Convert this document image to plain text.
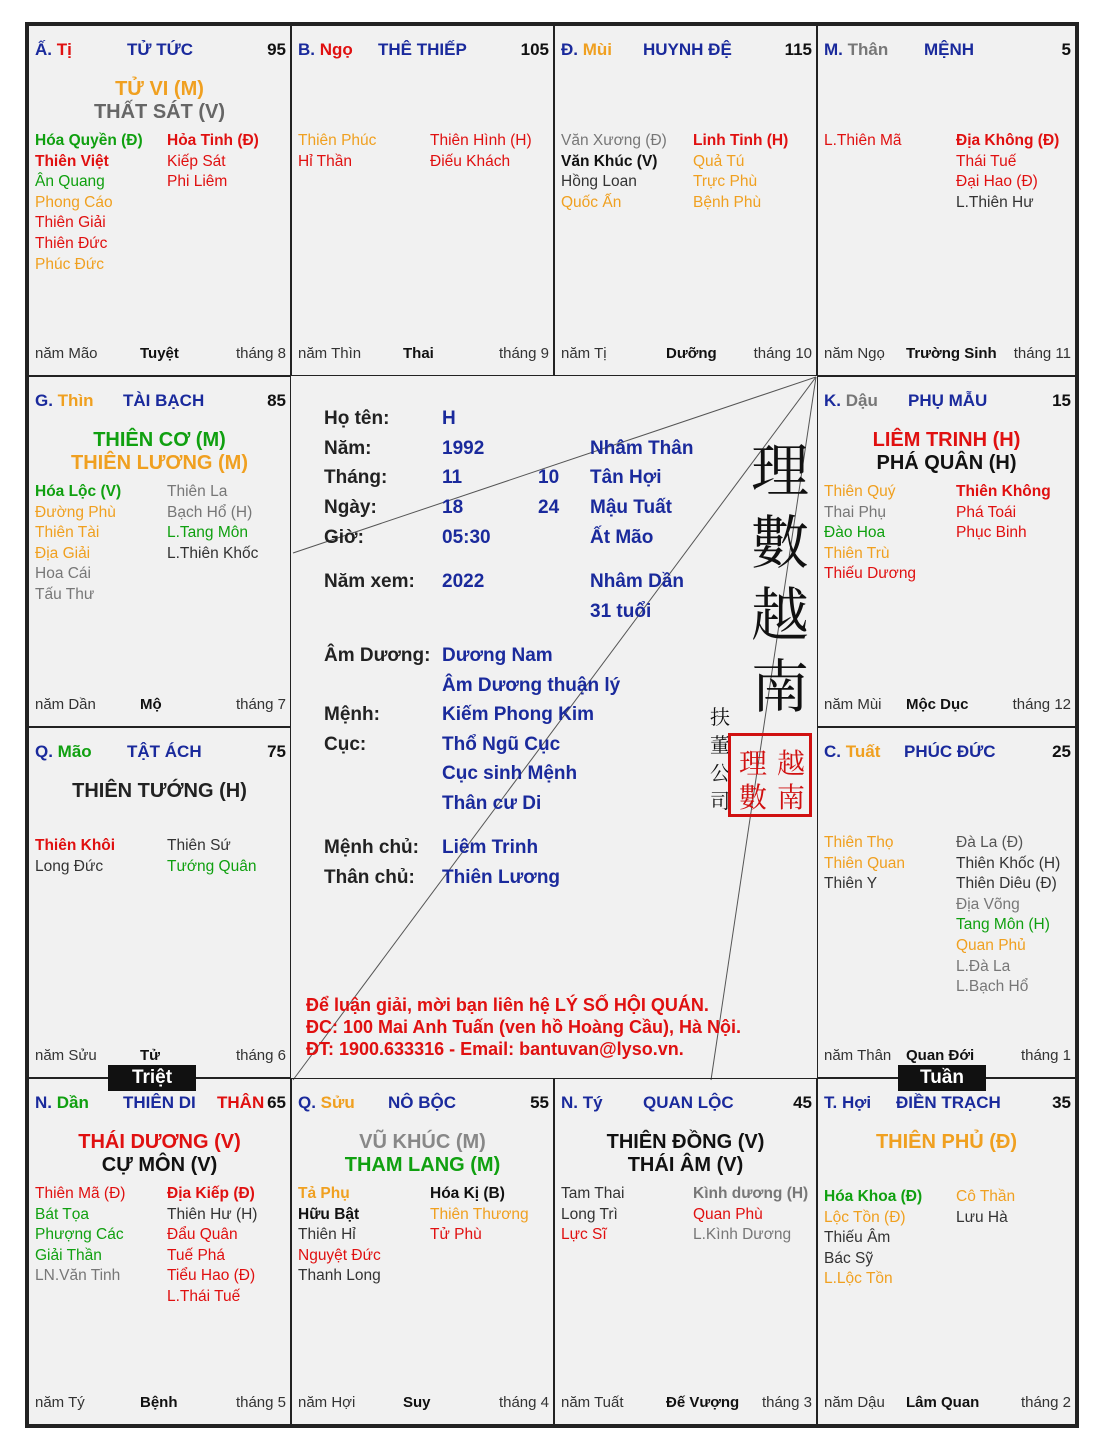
Ấ. Tị	TỬ TỨC	95
TỬ VI (M)
THẤT SÁT (V)
Hóa Quyền (Đ)
Thiên Việt
Ân Quang
Phong Cáo
Thiên Giải
Thiên Đức
Phúc Đức
Hỏa Tinh (Đ)
Kiếp Sát
Phi Liêm
năm Mão	Tuyệt	tháng 8
B. Ngọ THÊ THIẾP	105
Thiên Phúc
Hỉ Thần
Thiên Hình (H)
Điếu Khách
năm Thìn	Thai	tháng 9
Đ. Mùi HUYNH ĐỆ	115
Văn Xương (Đ)
Văn Khúc (V)
Hồng Loan
Quốc Ấn
Linh Tinh (H)
Quả Tú
Trực Phù
Bệnh Phù
năm Tị	Dưỡng tháng 10
M. Thân MỆNH	5
L.Thiên Mã	Địa Không (Đ)
Thái Tuế
Đại Hao (Đ)
L.Thiên Hư
năm Ngọ Trường Sinh tháng 11
G. Thìn TÀI BẠCH	85
THIÊN CƠ (M)
THIÊN LƯƠNG (M)
Hóa Lộc (V)
Đường Phù
Thiên Tài
Địa Giải
Hoa Cái
Tấu Thư
Thiên La
Bạch Hổ (H)
L.Tang Môn
L.Thiên Khốc
năm Dần	Mộ	tháng 7
K. Dậu PHỤ MẪU	15
LIÊM TRINH (H)
PHÁ QUÂN (H)
Thiên Quý
Thai Phụ
Đào Hoa
Thiên Trù
Thiếu Dương
Thiên Không
Phá Toái
Phục Binh
năm Mùi Mộc Dục	tháng 12
Q. Mão TẬT ÁCH	75
THIÊN TƯỚNG (H)
Thiên Khôi
Long Đức
Thiên Sứ
Tướng Quân
năm Sửu	Tử	tháng 6
C. Tuất PHÚC ĐỨC	25
Thiên Thọ
Thiên Quan
Thiên Y
Đà La (Đ)
Thiên Khốc (H)
Thiên Diêu (Đ)
Địa Võng
Tang Môn (H)
Quan Phủ
L.Đà La
L.Bạch Hổ
năm Thân Quan Đới	tháng 1
N. Dần THIÊN DI THÂN 65
THÁI DƯƠNG (V)
CỰ MÔN (V)
Thiên Mã (Đ)
Bát Tọa
Phượng Các
Giải Thần
LN.Văn Tinh
Địa Kiếp (Đ)
Thiên Hư (H)
Đẩu Quân
Tuế Phá
Tiểu Hao (Đ)
L.Thái Tuế
năm Tý	Bệnh	tháng 5
Q. Sửu NÔ BỘC	55
VŨ KHÚC (M)
THAM LANG (M)
Tả Phụ
Hữu Bật
Thiên Hỉ
Nguyệt Đức
Thanh Long
Hóa Kị (B)
Thiên Thương
Tử Phù
năm Hợi	Suy	tháng 4
N. Tý QUAN LỘC	45
THIÊN ĐỒNG (V)
THÁI ÂM (V)
Tam Thai
Long Trì
Lực Sĩ
Kình dương (H)
Quan Phù
L.Kình Dương
năm Tuất	Đế Vượng tháng 3
T. Hợi ĐIỀN TRẠCH	35
THIÊN PHỦ (Đ)
Hóa Khoa (Đ)
Lộc Tồn (Đ)
Thiếu Âm
Bác Sỹ
L.Lộc Tồn
Cô Thần
Lưu Hà
năm Dậu Lâm Quan	tháng 2
Họ tên:	H
Năm:	1992	Nhâm Thân
Tháng:	11	10 Tân Hợi
Ngày:	18	24 Mậu Tuất
Giờ:	05:30	Ất Mão
Năm xem: 2022	Nhâm Dần
31 tuổi
Âm Dương: Dương Nam
Âm Dương thuận lý
Mệnh:	Kiếm Phong Kim
Cục:	Thổ Ngũ Cục
Cục sinh Mệnh
Thân cư Di
Mệnh chủ: Liêm Trinh
Thân chủ: Thiên Lương
理
數
越
南
扶
董
公
司
越
南
理
數
Để luận giải, mời bạn liên hệ LÝ SỐ HỘI QUÁN.
ĐC: 100 Mai Anh Tuấn (ven hồ Hoàng Cầu), Hà Nội.
ĐT: 1900.633316 - Email: bantuvan@lyso.vn.
Triệt	Tuần
